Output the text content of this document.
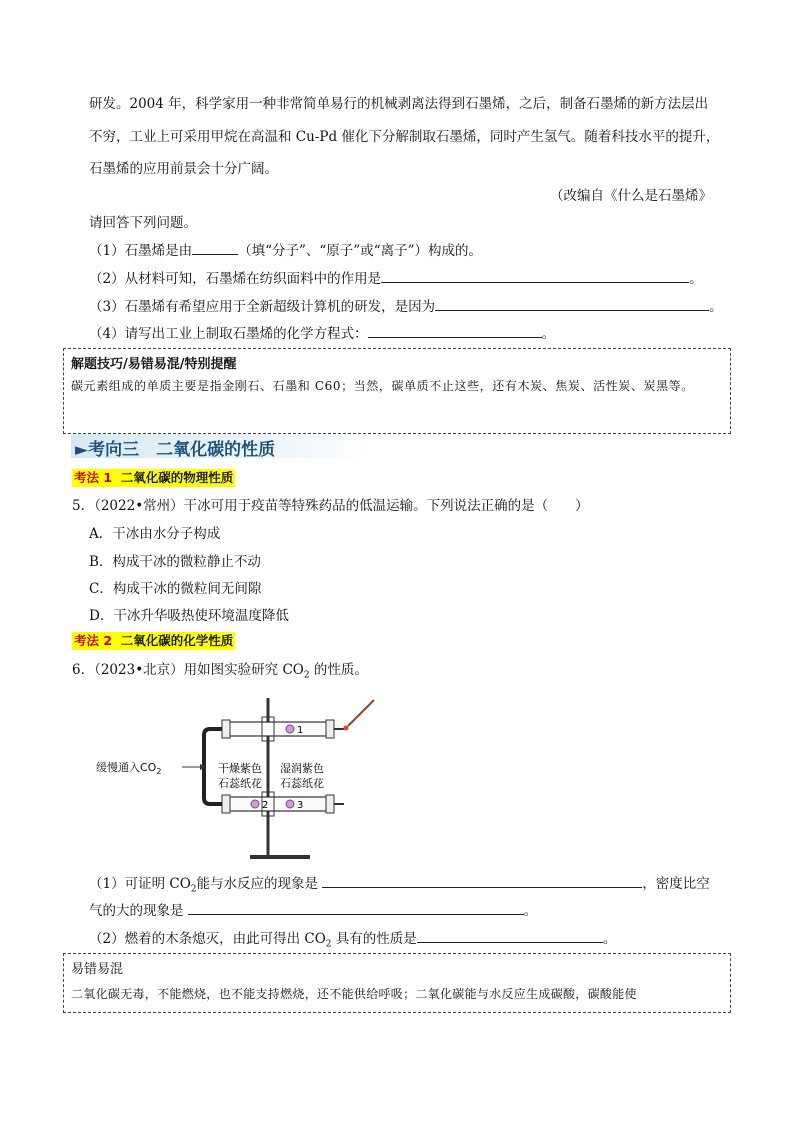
研发。2004 年，科学家用一种非常简单易行的机械剥离法得到石墨烯，之后，制备石墨烯的新方法层出
不穷，工业上可采用甲烷在高温和 Cu-Pd 催化下分解制取石墨烯，同时产生氢气。随着科技水平的提升，
石墨烯的应用前景会十分广阔。
（改编自《什么是石墨烯》
请回答下列问题。
（1）石墨烯是由	（填“分子”、“原子”或“离子”）构成的。
（2）从材料可知，石墨烯在纺织面料中的作用是	。
（3）石墨烯有希望应用于全新超级计算机的研发，是因为	。
（4）请写出工业上制取石墨烯的化学方程式：	。
解题技巧/易错易混/特别提醒
碳元素组成的单质主要是指金刚石、石墨和 C60；当然，碳单质不止这些，还有木炭、焦炭、活性炭、炭黑等。
►考向三　二氧化碳的性质
考法 1 二氧化碳的物理性质
5．（2022•常州）干冰可用于疫苗等特殊药品的低温运输。下列说法正确的是（　　）
A．干冰由水分子构成
B．构成干冰的微粒静止不动
C．构成干冰的微粒间无间隙
D．干冰升华吸热使环境温度降低
考法 2 二氧化碳的化学性质
6．（2023•北京）用如图实验研究 $CO_2$ 的性质。
缓慢通入$CO_2$
1
2	3
干燥紫色
石蕊纸花
湿润紫色
石蕊纸花
（1）可证明 $CO_2$能与水反应的现象是	，密度比空
气的大的现象是	。
（2）燃着的木条熄灭，由此可得出 $CO_2$ 具有的性质是	。
易错易混
二氧化碳无毒，不能燃烧，也不能支持燃烧，还不能供给呼吸；二氧化碳能与水反应生成碳酸，碳酸能使
